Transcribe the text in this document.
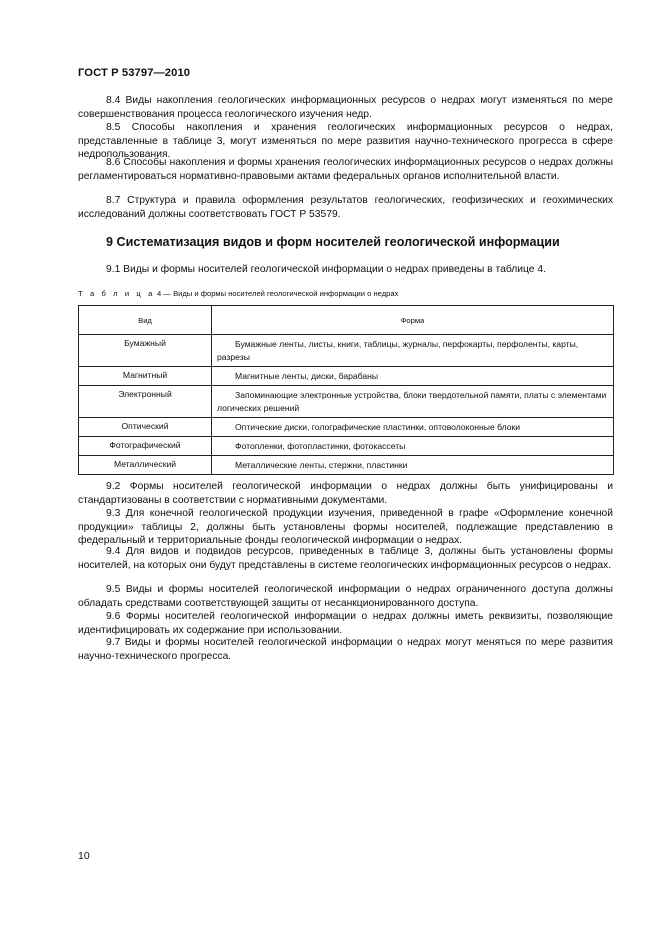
ГОСТ Р 53797—2010

8.4 Виды накопления геологических информационных ресурсов о недрах могут изменяться по мере совершенствования процесса геологического изучения недр.

8.5 Способы накопления и хранения геологических информационных ресурсов о недрах, представленные в таблице 3, могут изменяться по мере развития научно-технического прогресса в сфере недропользования.

8.6 Способы накопления и формы хранения геологических информационных ресурсов о недрах должны регламентироваться нормативно-правовыми актами федеральных органов исполнительной власти.

8.7 Структура и правила оформления результатов геологических, геофизических и геохимических исследований должны соответствовать ГОСТ Р 53579.

9 Систематизация видов и форм носителей геологической информации

9.1 Виды и формы носителей геологической информации о недрах приведены в таблице 4.

Т а б л и ц а 4 — Виды и формы носителей геологической информации о недрах
Вид	Форма
Бумажный	Бумажные ленты, листы, книги, таблицы, журналы, перфокарты, перфоленты, карты, разрезы
Магнитный	Магнитные ленты, диски, барабаны
Электронный	Запоминающие электронные устройства, блоки твердотельной памяти, платы с элементами логических решений
Оптический	Оптические диски, голографические пластинки, оптоволоконные блоки
Фотографический	Фотопленки, фотопластинки, фотокассеты
Металлический	Металлические ленты, стержни, пластинки

9.2 Формы носителей геологической информации о недрах должны быть унифицированы и стандартизованы в соответствии с нормативными документами.

9.3 Для конечной геологической продукции изучения, приведенной в графе «Оформление конечной продукции» таблицы 2, должны быть установлены формы носителей, подлежащие представлению в федеральный и территориальные фонды геологической информации о недрах.

9.4 Для видов и подвидов ресурсов, приведенных в таблице 3, должны быть установлены формы носителей, на которых они будут представлены в системе геологических информационных ресурсов о недрах.

9.5 Виды и формы носителей геологической информации о недрах ограниченного доступа должны обладать средствами соответствующей защиты от несанкционированного доступа.

9.6 Формы носителей геологической информации о недрах должны иметь реквизиты, позволяющие идентифицировать их содержание при использовании.

9.7 Виды и формы носителей геологической информации о недрах могут меняться по мере развития научно-технического прогресса.

10
